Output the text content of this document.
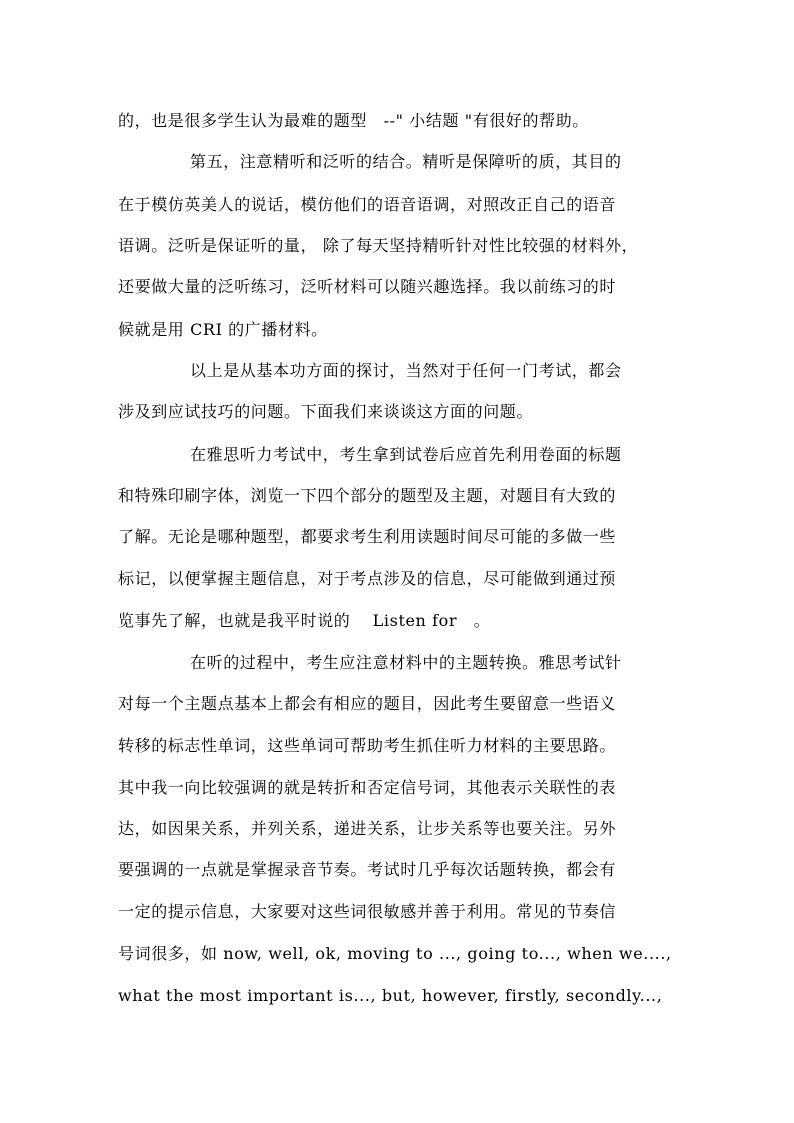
的，也是很多学生认为最难的题型　--" 小结题 "有很好的帮助。
第五，注意精听和泛听的结合。精听是保障听的质，其目的
在于模仿英美人的说话，模仿他们的语音语调，对照改正自己的语音
语调。泛听是保证听的量， 除了每天坚持精听针对性比较强的材料外，
还要做大量的泛听练习，泛听材料可以随兴趣选择。我以前练习的时
候就是用 CRI 的广播材料。
以上是从基本功方面的探讨，当然对于任何一门考试，都会
涉及到应试技巧的问题。下面我们来谈谈这方面的问题。
在雅思听力考试中，考生拿到试卷后应首先利用卷面的标题
和特殊印刷字体，浏览一下四个部分的题型及主题，对题目有大致的
了解。无论是哪种题型，都要求考生利用读题时间尽可能的多做一些
标记，以便掌握主题信息，对于考点涉及的信息，尽可能做到通过预
览事先了解，也就是我平时说的　 Listen for　。
在听的过程中，考生应注意材料中的主题转换。雅思考试针
对每一个主题点基本上都会有相应的题目，因此考生要留意一些语义
转移的标志性单词，这些单词可帮助考生抓住听力材料的主要思路。
其中我一向比较强调的就是转折和否定信号词，其他表示关联性的表
达，如因果关系，并列关系，递进关系，让步关系等也要关注。另外
要强调的一点就是掌握录音节奏。考试时几乎每次话题转换，都会有
一定的提示信息，大家要对这些词很敏感并善于利用。常见的节奏信
号词很多，如 now, well, ok, moving to ..., going to..., when we....,
what the most important is..., but, however, firstly, secondly...,
